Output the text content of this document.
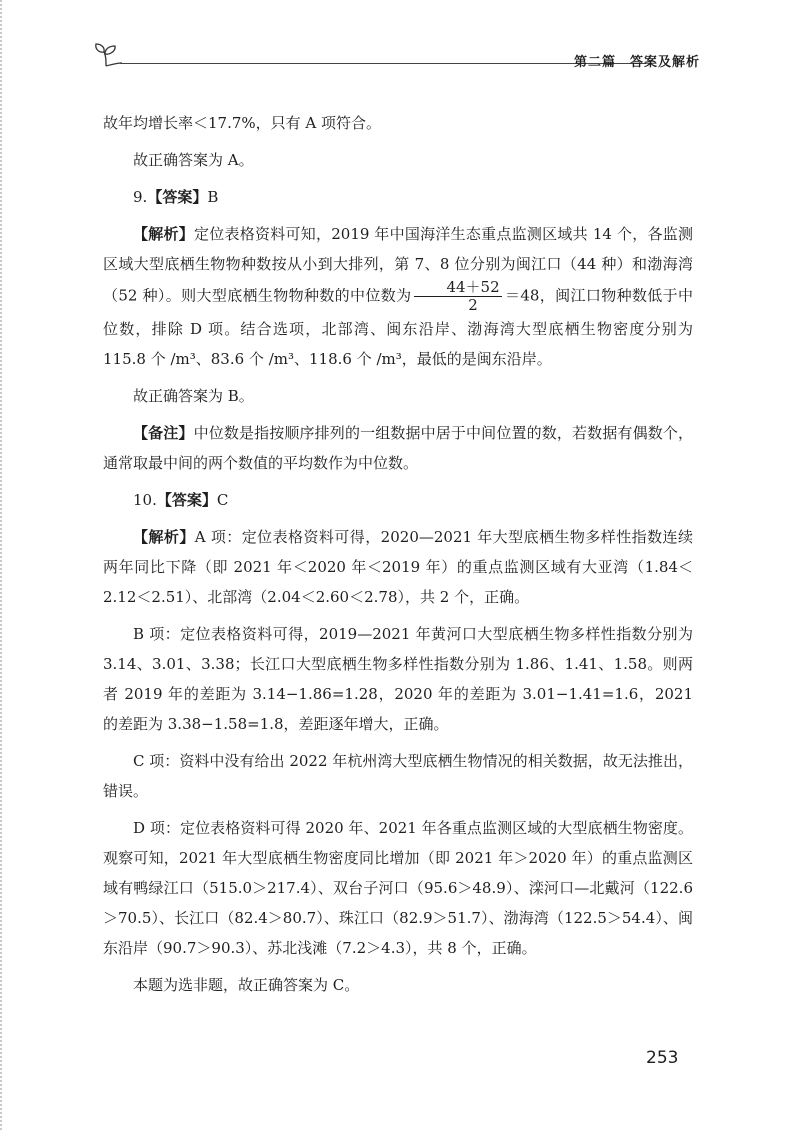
第二篇　答案及解析

故年均增长率＜17.7%，只有 A 项符合。

故正确答案为 A。

9.【答案】B

【解析】定位表格资料可知，2019 年中国海洋生态重点监测区域共 14 个，各监测区域大型底栖生物物种数按从小到大排列，第 7、8 位分别为闽江口（44 种）和渤海湾（52 种）。则大型底栖生物物种数的中位数为 $\frac{44+52}{2} =48$，闽江口物种数低于中位数，排除 D 项。结合选项，北部湾、闽东沿岸、渤海湾大型底栖生物密度分别为 115.8 个 /m³、83.6 个 /m³、118.6 个 /m³，最低的是闽东沿岸。

故正确答案为 B。

【备注】中位数是指按顺序排列的一组数据中居于中间位置的数，若数据有偶数个，通常取最中间的两个数值的平均数作为中位数。

10.【答案】C

【解析】A 项：定位表格资料可得，2020—2021 年大型底栖生物多样性指数连续两年同比下降（即 2021 年＜2020 年＜2019 年）的重点监测区域有大亚湾（1.84＜2.12＜2.51）、北部湾（2.04＜2.60＜2.78），共 2 个，正确。

B 项：定位表格资料可得，2019—2021 年黄河口大型底栖生物多样性指数分别为 3.14、3.01、3.38；长江口大型底栖生物多样性指数分别为 1.86、1.41、1.58。则两者 2019 年的差距为 3.14−1.86=1.28，2020 年的差距为 3.01−1.41=1.6，2021 的差距为 3.38−1.58=1.8，差距逐年增大，正确。

C 项：资料中没有给出 2022 年杭州湾大型底栖生物情况的相关数据，故无法推出，错误。

D 项：定位表格资料可得 2020 年、2021 年各重点监测区域的大型底栖生物密度。观察可知，2021 年大型底栖生物密度同比增加（即 2021 年＞2020 年）的重点监测区域有鸭绿江口（515.0＞217.4）、双台子河口（95.6＞48.9）、滦河口—北戴河（122.6＞70.5）、长江口（82.4＞80.7）、珠江口（82.9＞51.7）、渤海湾（122.5＞54.4）、闽东沿岸（90.7＞90.3）、苏北浅滩（7.2＞4.3），共 8 个，正确。

本题为选非题，故正确答案为 C。

253
